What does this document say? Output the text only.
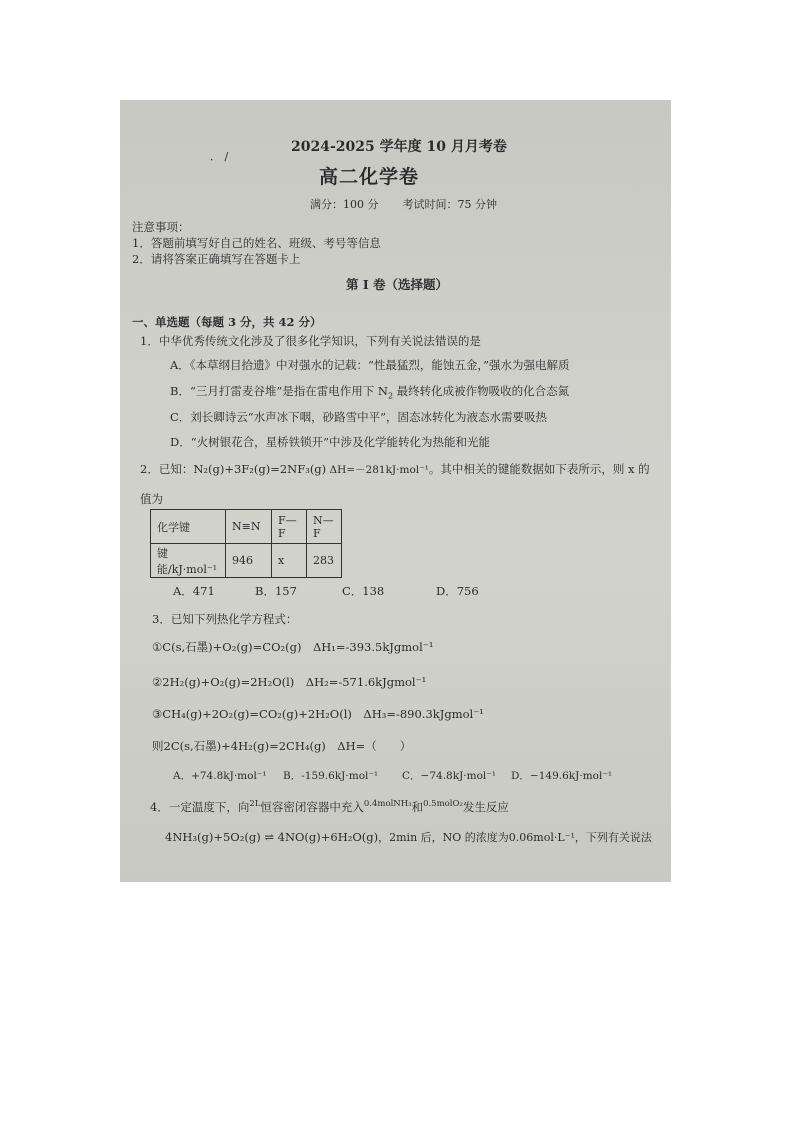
． /
2024-2025 学年度 10 月月考卷
高二化学卷
满分：100 分 考试时间：75 分钟
注意事项：
1．答题前填写好自己的姓名、班级、考号等信息
2．请将答案正确填写在答题卡上
第 I 卷（选择题）
一、单选题（每题 3 分，共 42 分）
1．中华优秀传统文化涉及了很多化学知识，下列有关说法错误的是
A．《本草纲目拾遗》中对强水的记载：“性最猛烈，能蚀五金，”强水为强电解质
B．“三月打雷麦谷堆”是指在雷电作用下 $N_2$ 最终转化成被作物吸收的化合态氮
C．刘长卿诗云“水声冰下咽，砂路雪中平”，固态冰转化为液态水需要吸热
D．“火树银花合，星桥铁锁开”中涉及化学能转化为热能和光能
2．已知：N₂(g)+3F₂(g)=2NF₃(g) ΔH=－281kJ·mol⁻¹。其中相关的键能数据如下表所示，则 x 的
值为
化学键	N≡N	F—F	N—F
键能/kJ·mol⁻¹	946	x	283
A．471	B．157	C．138	D．756
3．已知下列热化学方程式：
①C(s,石墨)+O₂(g)=CO₂(g)　ΔH₁=-393.5kJgmol⁻¹
②2H₂(g)+O₂(g)=2H₂O(l)　ΔH₂=-571.6kJgmol⁻¹
③CH₄(g)+2O₂(g)=CO₂(g)+2H₂O(l)　ΔH₃=-890.3kJgmol⁻¹
则2C(s,石墨)+4H₂(g)=2CH₄(g)　ΔH=（　　）
A．+74.8kJ·mol⁻¹ B．-159.6kJ·mol⁻¹ C．−74.8kJ·mol⁻¹ D．−149.6kJ·mol⁻¹
4．一定温度下，向$^{2L}$恒容密闭容器中充入$^{0.4molNH_3}$和$^{0.5molO_2}$发生反应
4NH₃(g)+5O₂(g) ⇌ 4NO(g)+6H₂O(g)，2min 后，NO 的浓度为0.06mol·L⁻¹，下列有关说法
